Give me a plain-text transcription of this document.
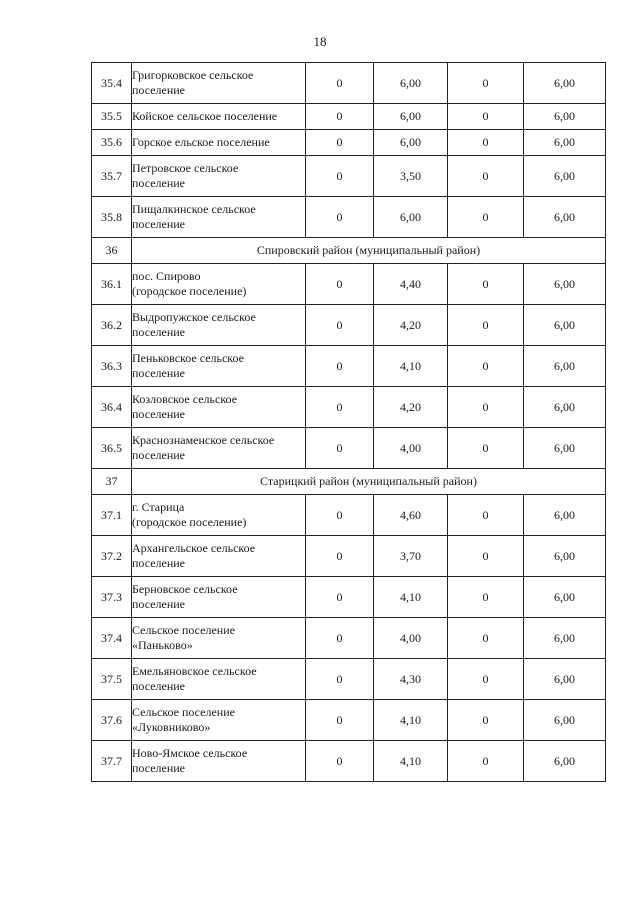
18
35.4	Григорковское сельское
поселение	0	6,00	0	6,00
35.5	Койское сельское поселение	0	6,00	0	6,00
35.6	Горское ельское поселение	0	6,00	0	6,00
35.7	Петровское сельское
поселение	0	3,50	0	6,00
35.8	Пищалкинское сельское
поселение	0	6,00	0	6,00
36	Спировский район (муниципальный район)				
36.1	пос. Спирово
(городское поселение)	0	4,40	0	6,00
36.2	Выдропужское сельское
поселение	0	4,20	0	6,00
36.3	Пеньковское сельское
поселение	0	4,10	0	6,00
36.4	Козловское сельское
поселение	0	4,20	0	6,00
36.5	Краснознаменское сельское
поселение	0	4,00	0	6,00
37	Старицкий район (муниципальный район)				
37.1	г. Старица
(городское поселение)	0	4,60	0	6,00
37.2	Архангельское сельское
поселение	0	3,70	0	6,00
37.3	Берновское сельское
поселение	0	4,10	0	6,00
37.4	Сельское поселение
«Паньково»	0	4,00	0	6,00
37.5	Емельяновское сельское
поселение	0	4,30	0	6,00
37.6	Сельское поселение
«Луковниково»	0	4,10	0	6,00
37.7	Ново-Ямское сельское
поселение	0	4,10	0	6,00
